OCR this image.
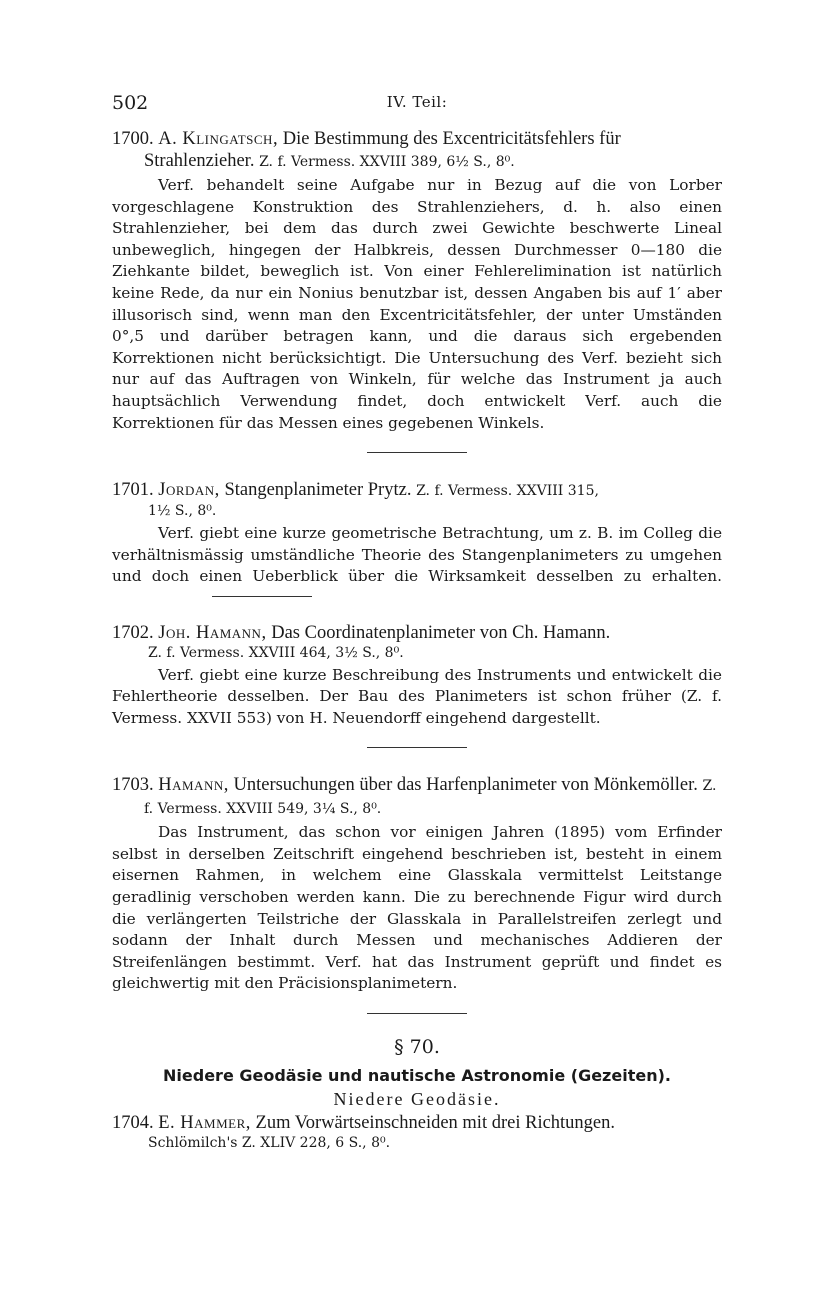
502	IV. Teil:
1700. A. Klingatsch, Die Bestimmung des Excentricitätsfehlers für Strahlenzieher. Z. f. Vermess. XXVIII 389, 6½ S., 8⁰.
Verf. behandelt seine Aufgabe nur in Bezug auf die von Lorber vorgeschlagene Konstruktion des Strahlenziehers, d. h. also einen Strahlenzieher, bei dem das durch zwei Gewichte beschwerte Lineal unbeweglich, hingegen der Halbkreis, dessen Durchmesser 0—180 die Ziehkante bildet, beweglich ist. Von einer Fehlerelimination ist natürlich keine Rede, da nur ein Nonius benutzbar ist, dessen Angaben bis auf 1′ aber illusorisch sind, wenn man den Excentricitätsfehler, der unter Umständen 0°,5 und darüber betragen kann, und die daraus sich ergebenden Korrektionen nicht berücksichtigt. Die Untersuchung des Verf. bezieht sich nur auf das Auftragen von Winkeln, für welche das Instrument ja auch hauptsächlich Verwendung findet, doch entwickelt Verf. auch die Korrektionen für das Messen eines gegebenen Winkels.
1701. Jordan, Stangenplanimeter Prytz. Z. f. Vermess. XXVIII 315,
1½ S., 8⁰.
Verf. giebt eine kurze geometrische Betrachtung, um z. B. im Colleg die verhältnismässig umständliche Theorie des Stangenplanimeters zu umgehen und doch einen Ueberblick über die Wirksamkeit desselben zu erhalten.
1702. Joh. Hamann, Das Coordinatenplanimeter von Ch. Hamann.
Z. f. Vermess. XXVIII 464, 3½ S., 8⁰.
Verf. giebt eine kurze Beschreibung des Instruments und entwickelt die Fehlertheorie desselben. Der Bau des Planimeters ist schon früher (Z. f. Vermess. XXVII 553) von H. Neuendorff eingehend dargestellt.
1703. Hamann, Untersuchungen über das Harfenplanimeter von Mönkemöller. Z. f. Vermess. XXVIII 549, 3¼ S., 8⁰.
Das Instrument, das schon vor einigen Jahren (1895) vom Erfinder selbst in derselben Zeitschrift eingehend beschrieben ist, besteht in einem eisernen Rahmen, in welchem eine Glasskala vermittelst Leitstange geradlinig verschoben werden kann. Die zu berechnende Figur wird durch die verlängerten Teilstriche der Glasskala in Parallelstreifen zerlegt und sodann der Inhalt durch Messen und mechanisches Addieren der Streifenlängen bestimmt. Verf. hat das Instrument geprüft und findet es gleichwertig mit den Präcisionsplanimetern.
§ 70.
Niedere Geodäsie und nautische Astronomie (Gezeiten).
Niedere Geodäsie.
1704. E. Hammer, Zum Vorwärtseinschneiden mit drei Richtungen.
Schlömilch's Z. XLIV 228, 6 S., 8⁰.
